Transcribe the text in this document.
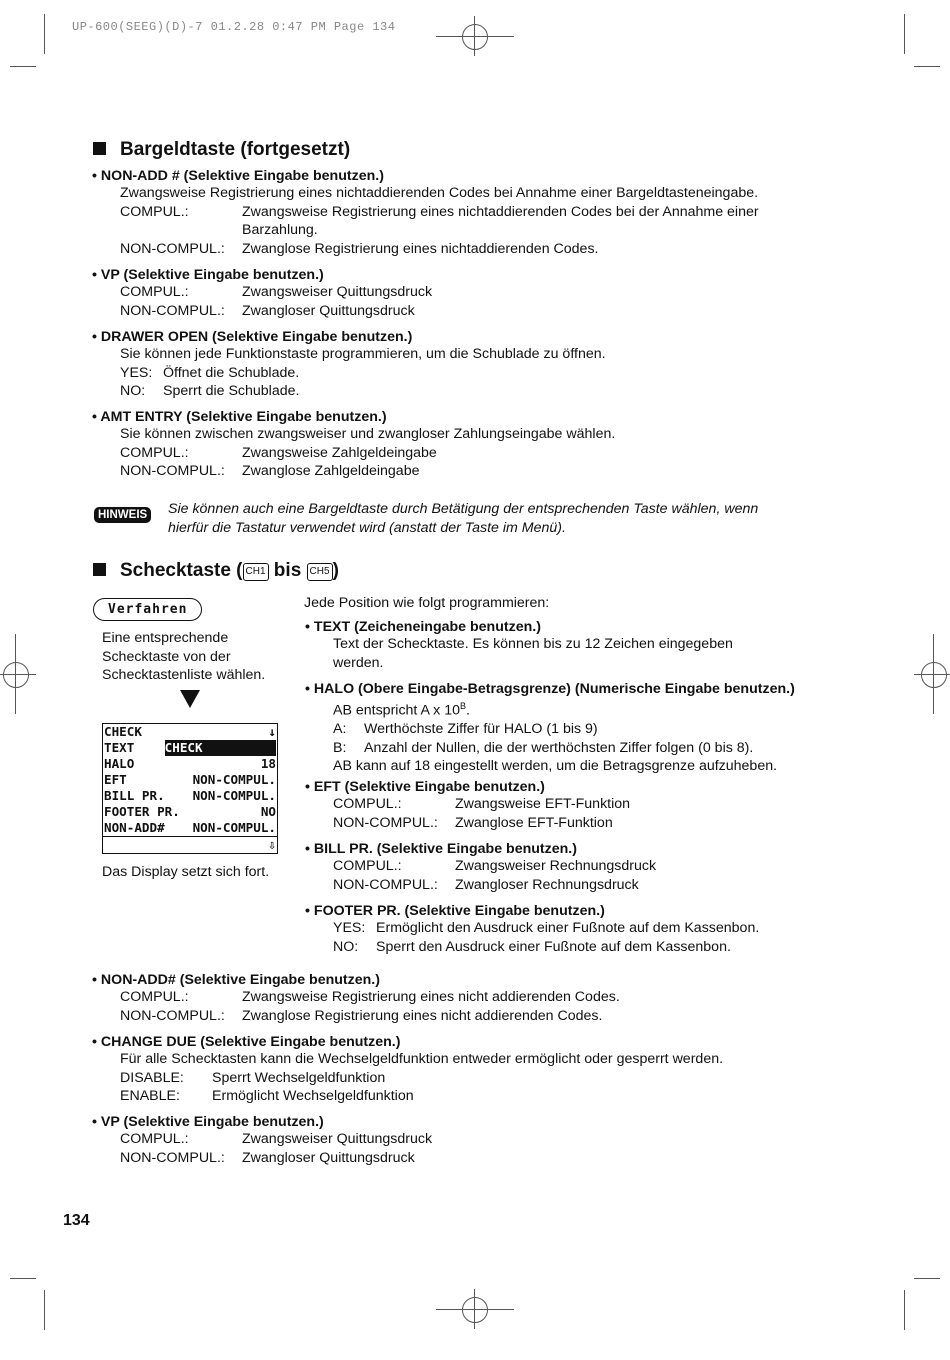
UP-600(SEEG)(D)-7 01.2.28 0:47 PM Page 134
Bargeldtaste (fortgesetzt)
• NON-ADD # (Selektive Eingabe benutzen.)
Zwangsweise Registrierung eines nichtaddierenden Codes bei Annahme einer Bargeldtasteneingabe.
COMPUL.:	Zwangsweise Registrierung eines nichtaddierenden Codes bei der Annahme einer
Barzahlung.
NON-COMPUL.:	Zwanglose Registrierung eines nichtaddierenden Codes.
• VP (Selektive Eingabe benutzen.)
COMPUL.:	Zwangsweiser Quittungsdruck
NON-COMPUL.:	Zwangloser Quittungsdruck
• DRAWER OPEN (Selektive Eingabe benutzen.)
Sie können jede Funktionstaste programmieren, um die Schublade zu öffnen.
YES: Öffnet die Schublade.
NO:	Sperrt die Schublade.
• AMT ENTRY (Selektive Eingabe benutzen.)
Sie können zwischen zwangsweiser und zwangloser Zahlungseingabe wählen.
COMPUL.:	Zwangsweise Zahlgeldeingabe
NON-COMPUL.:	Zwanglose Zahlgeldeingabe
HINWEIS Sie können auch eine Bargeldtaste durch Betätigung der entsprechenden Taste wählen, wenn
hierfür die Tastatur verwendet wird (anstatt der Taste im Menü).
Schecktaste ( CH1 bis CH5 )
Verfahren
Eine entsprechende
Schecktaste von der
Schecktastenliste wählen.
CHECK	↓
TEXT CHECK
HALO	18
EFT	NON-COMPUL.
BILL PR. NON-COMPUL.
FOOTER PR.	NO
NON-ADD# NON-COMPUL.
⇩
Das Display setzt sich fort.
Jede Position wie folgt programmieren:
• TEXT (Zeicheneingabe benutzen.)
Text der Schecktaste. Es können bis zu 12 Zeichen eingegeben
werden.
• HALO (Obere Eingabe-Betragsgrenze) (Numerische Eingabe benutzen.)
AB entspricht A x $10^B$.
A:	Werthöchste Ziffer für HALO (1 bis 9)
B:	Anzahl der Nullen, die der werthöchsten Ziffer folgen (0 bis 8).
AB kann auf 18 eingestellt werden, um die Betragsgrenze aufzuheben.
• EFT (Selektive Eingabe benutzen.)
COMPUL.:	Zwangsweise EFT-Funktion
NON-COMPUL.:	Zwanglose EFT-Funktion
• BILL PR. (Selektive Eingabe benutzen.)
COMPUL.:	Zwangsweiser Rechnungsdruck
NON-COMPUL.:	Zwangloser Rechnungsdruck
• FOOTER PR. (Selektive Eingabe benutzen.)
YES: Ermöglicht den Ausdruck einer Fußnote auf dem Kassenbon.
NO:	Sperrt den Ausdruck einer Fußnote auf dem Kassenbon.
• NON-ADD# (Selektive Eingabe benutzen.)
COMPUL.:	Zwangsweise Registrierung eines nicht addierenden Codes.
NON-COMPUL.:	Zwanglose Registrierung eines nicht addierenden Codes.
• CHANGE DUE (Selektive Eingabe benutzen.)
Für alle Schecktasten kann die Wechselgeldfunktion entweder ermöglicht oder gesperrt werden.
DISABLE:	Sperrt Wechselgeldfunktion
ENABLE:	Ermöglicht Wechselgeldfunktion
• VP (Selektive Eingabe benutzen.)
COMPUL.:	Zwangsweiser Quittungsdruck
NON-COMPUL.:	Zwangloser Quittungsdruck
134
